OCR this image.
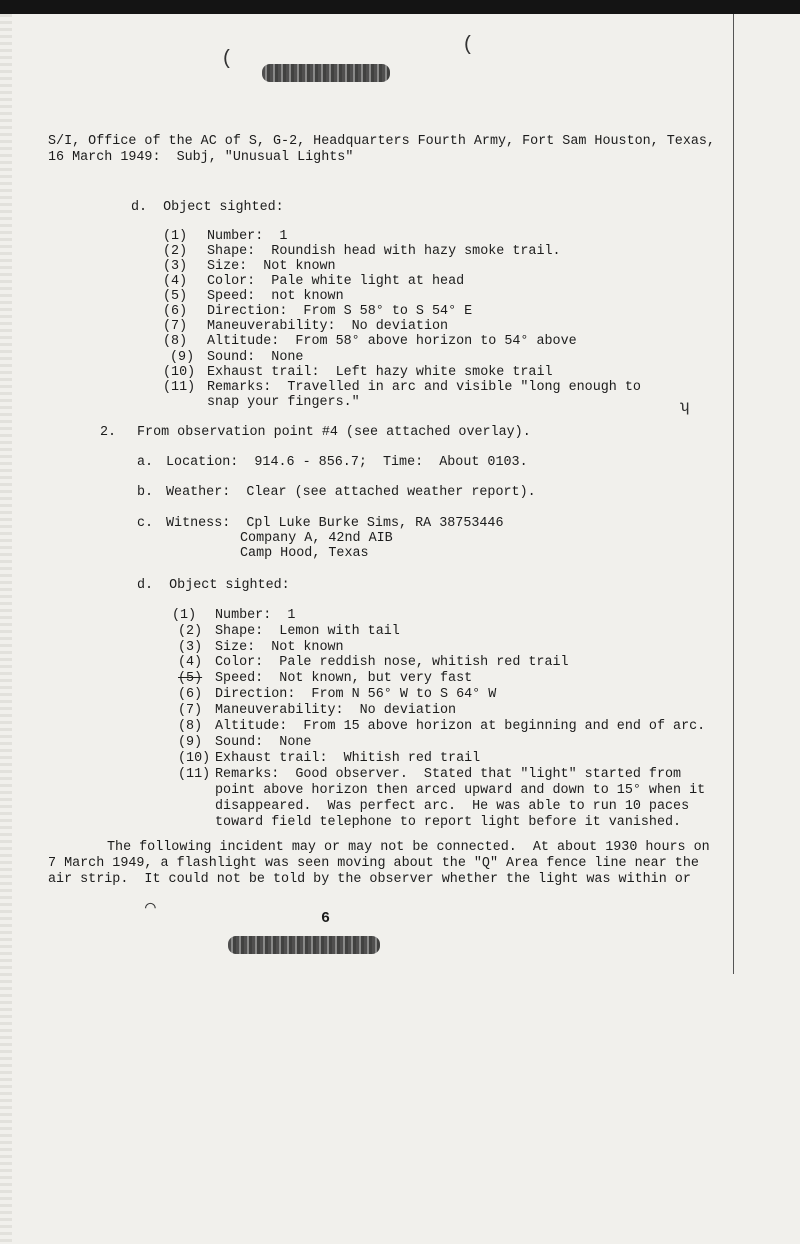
(
(
S/I, Office of the AC of S, G-2, Headquarters Fourth Army, Fort Sam Houston, Texas,
16 March 1949:  Subj, "Unusual Lights"
d.  Object sighted:
(1) Number:  1
(2) Shape:  Roundish head with hazy smoke trail.
(3) Size:  Not known
(4) Color:  Pale white light at head
(5) Speed:  not known
(6) Direction:  From S 58° to S 54° E
(7) Maneuverability:  No deviation
(8) Altitude:  From 58° above horizon to 54° above
(9) Sound:  None
(10) Exhaust trail:  Left hazy white smoke trail
(11) Remarks:  Travelled in arc and visible "long enough to
snap your fingers."	ʮ
2. From observation point #4 (see attached overlay).
a. Location:  914.6 - 856.7;  Time:  About 0103.
b. Weather:  Clear (see attached weather report).
c. Witness:  Cpl Luke Burke Sims, RA 38753446
Company A, 42nd AIB
Camp Hood, Texas
d.  Object sighted:
(1) Number:  1
(2) Shape:  Lemon with tail
(3) Size:  Not known
(4) Color:  Pale reddish nose, whitish red trail
(5) Speed:  Not known, but very fast
(6) Direction:  From N 56° W to S 64° W
(7) Maneuverability:  No deviation
(8) Altitude:  From 15 above horizon at beginning and end of arc.
(9) Sound:  None
(10) Exhaust trail:  Whitish red trail
(11) Remarks:  Good observer.  Stated that "light" started from
point above horizon then arced upward and down to 15° when it
disappeared.  Was perfect arc.  He was able to run 10 paces
toward field telephone to report light before it vanished.
The following incident may or may not be connected.  At about 1930 hours on
7 March 1949, a flashlight was seen moving about the "Q" Area fence line near the
air strip.  It could not be told by the observer whether the light was within or
⌒
6
